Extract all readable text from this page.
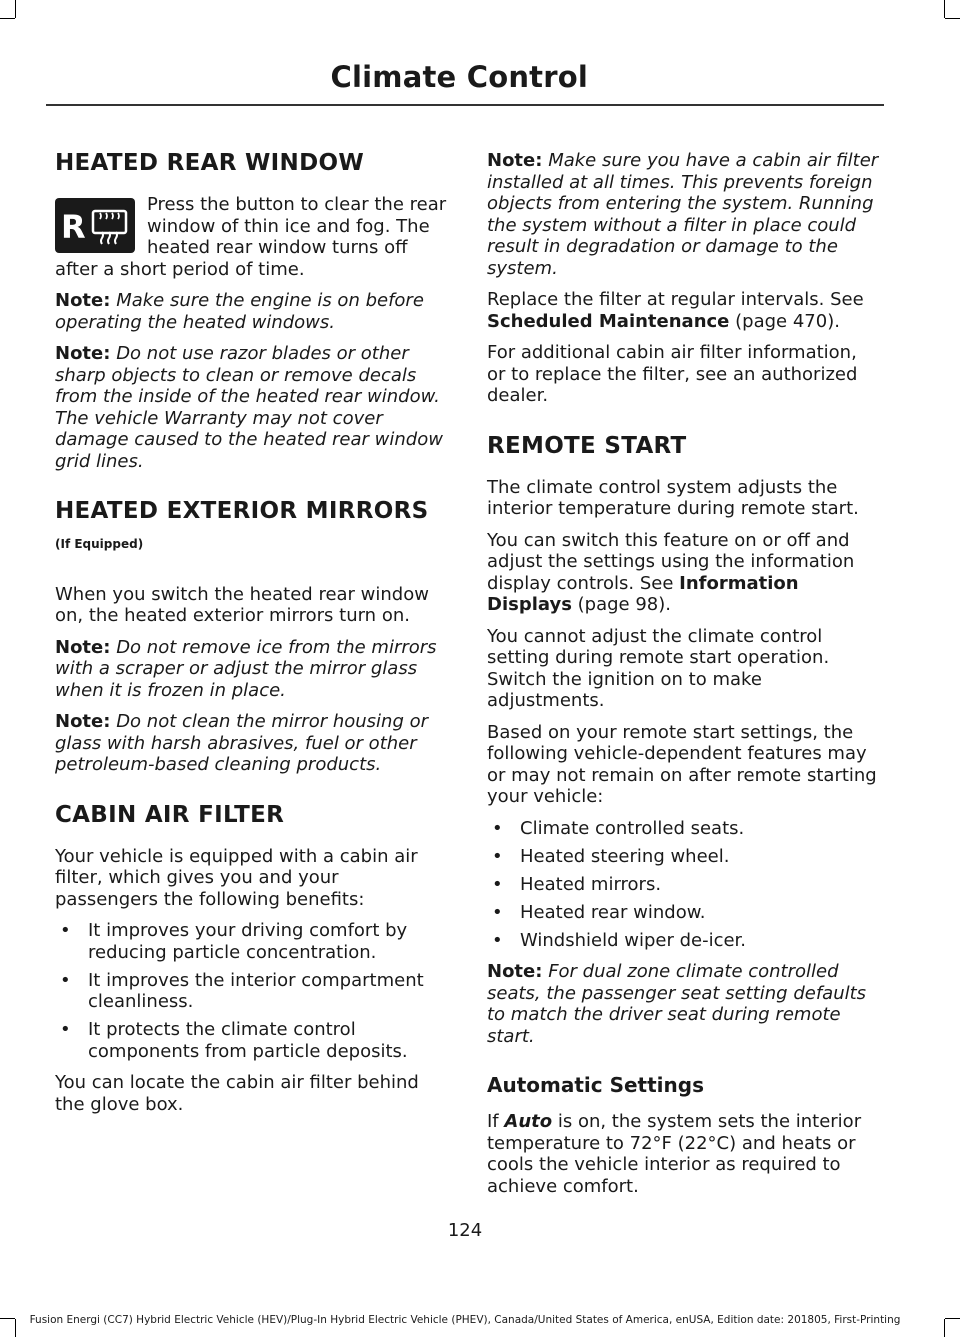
Climate Control
HEATED REAR WINDOW
R

Press the button to clear the rear window of thin ice and fog. The heated rear window turns off after a short period of time.

Note: Make sure the engine is on before operating the heated windows.

Note: Do not use razor blades or other sharp objects to clean or remove decals from the inside of the heated rear window. The vehicle Warranty may not cover damage caused to the heated rear window grid lines.

HEATED EXTERIOR MIRRORS

(If Equipped)

When you switch the heated rear window on, the heated exterior mirrors turn on.

Note: Do not remove ice from the mirrors with a scraper or adjust the mirror glass when it is frozen in place.

Note: Do not clean the mirror housing or glass with harsh abrasives, fuel or other petroleum-based cleaning products.

CABIN AIR FILTER

Your vehicle is equipped with a cabin air filter, which gives you and your passengers the following benefits:

• It improves your driving comfort by reducing particle concentration.
• It improves the interior compartment cleanliness.
• It protects the climate control components from particle deposits.

You can locate the cabin air filter behind the glove box.

Note: Make sure you have a cabin air filter installed at all times. This prevents foreign objects from entering the system. Running the system without a filter in place could result in degradation or damage to the system.

Replace the filter at regular intervals. See Scheduled Maintenance (page 470).

For additional cabin air filter information, or to replace the filter, see an authorized dealer.

REMOTE START

The climate control system adjusts the interior temperature during remote start.

You can switch this feature on or off and adjust the settings using the information display controls. See Information Displays (page 98).

You cannot adjust the climate control setting during remote start operation. Switch the ignition on to make adjustments.

Based on your remote start settings, the following vehicle-dependent features may or may not remain on after remote starting your vehicle:

• Climate controlled seats.
• Heated steering wheel.
• Heated mirrors.
• Heated rear window.
• Windshield wiper de-icer.

Note: For dual zone climate controlled seats, the passenger seat setting defaults to match the driver seat during remote start.

Automatic Settings

If Auto is on, the system sets the interior temperature to 72°F (22°C) and heats or cools the vehicle interior as required to achieve comfort.

124
Fusion Energi (CC7) Hybrid Electric Vehicle (HEV)/Plug-In Hybrid Electric Vehicle (PHEV), Canada/United States of America, enUSA, Edition date: 201805, First-Printing
